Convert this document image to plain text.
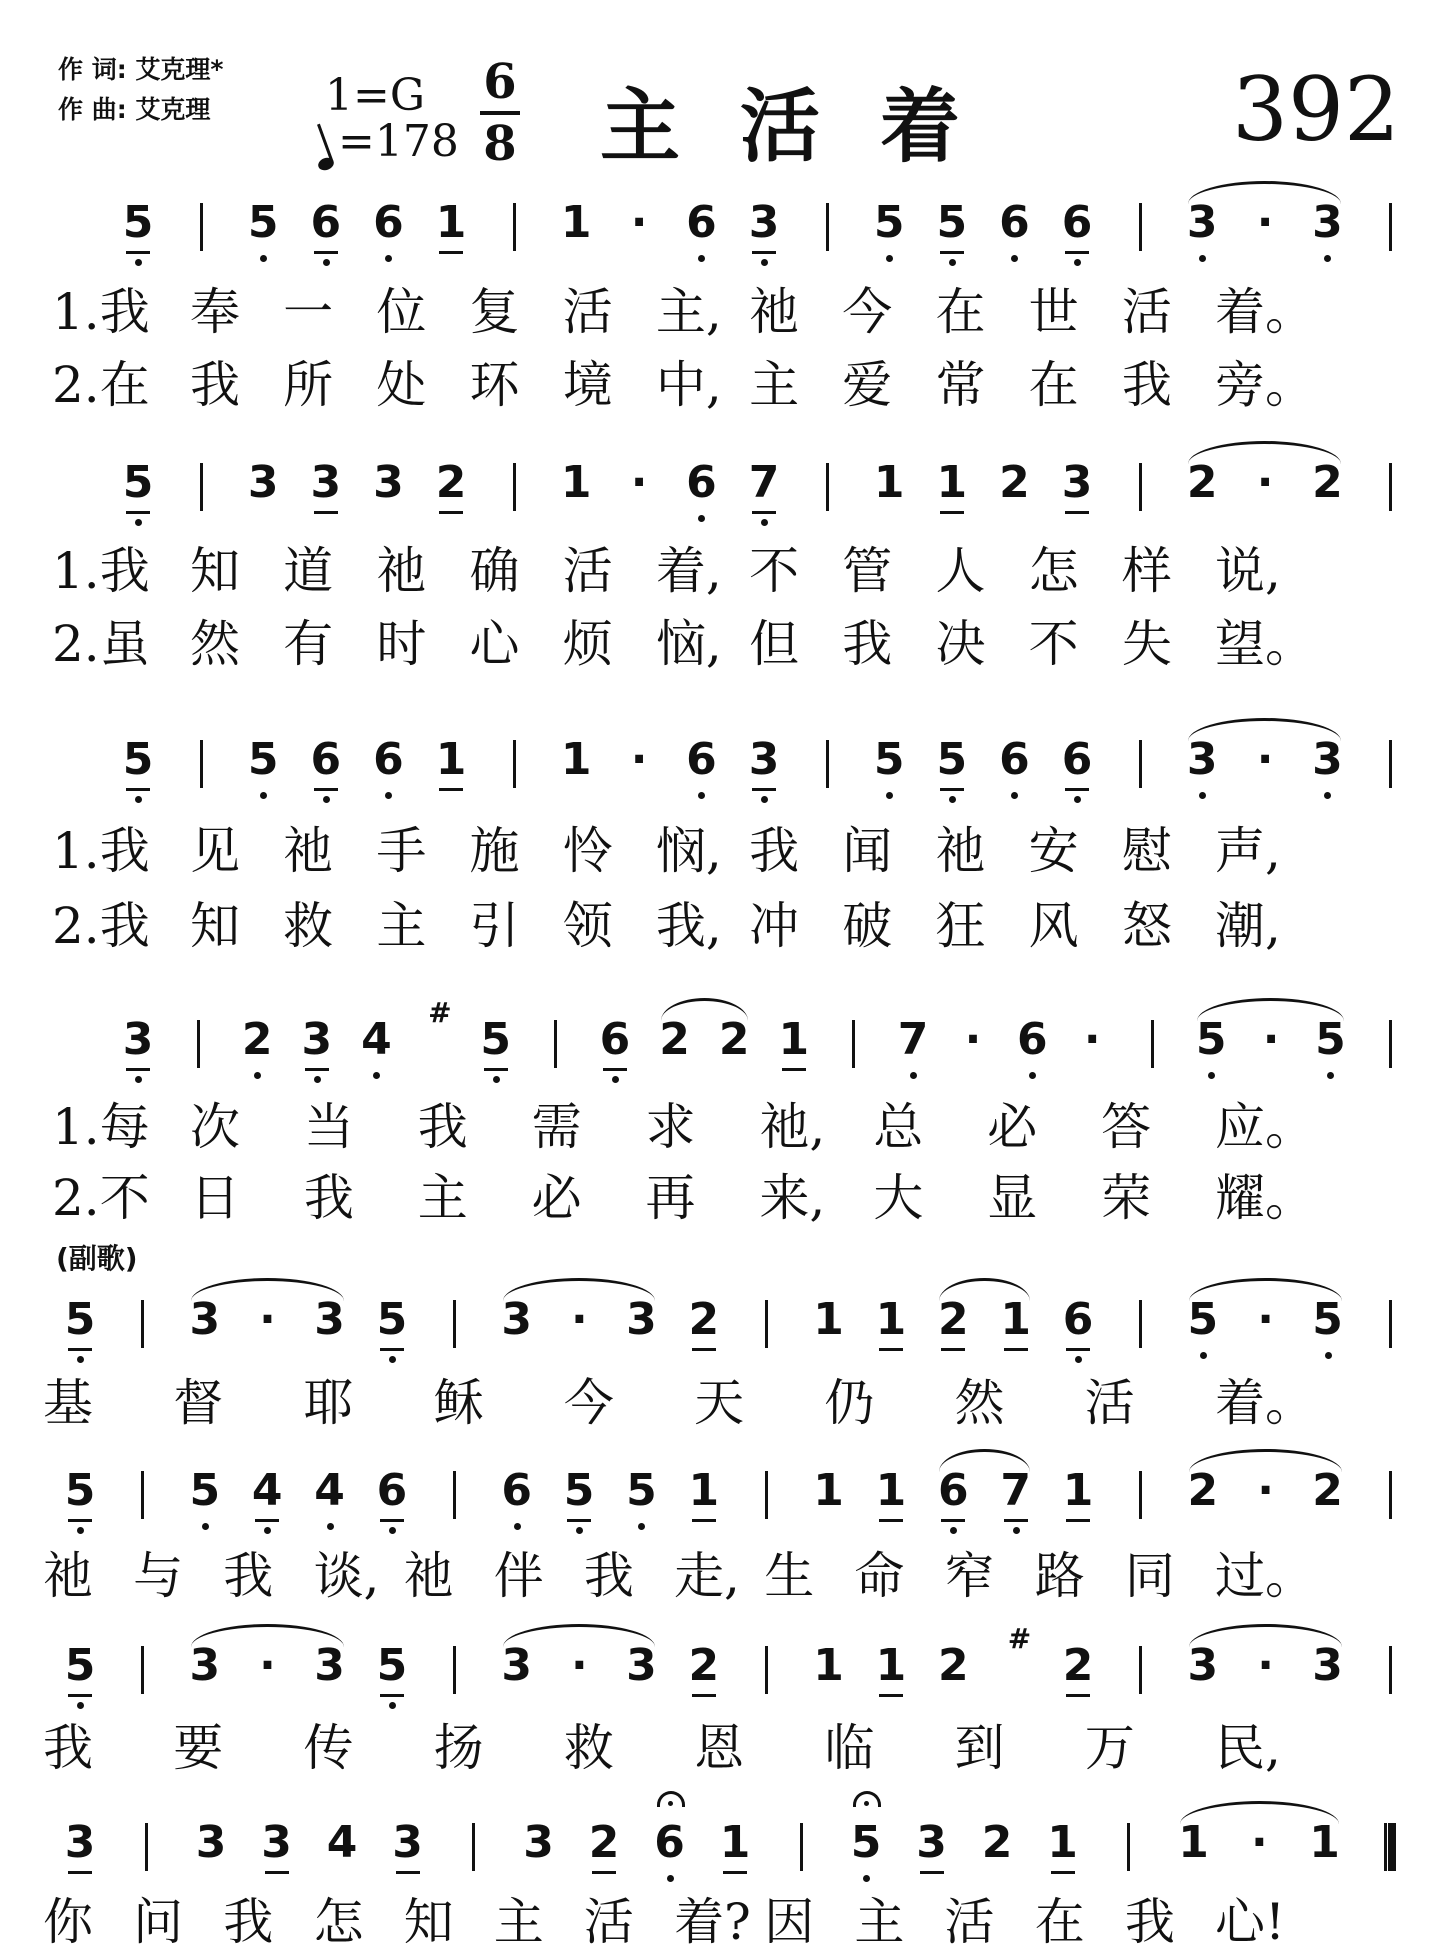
作 词: 艾克理*
作 曲: 艾克理	1=G
=178
6
8 主活着 392
(副歌)
5 5 6 6 1 1 · 6 3 5 5 6 6 3 · 3
1.我 奉 一 位 复 活 主, 祂 今 在 世 活 着。
2.在 我 所 处 环 境 中, 主 爱 常 在 我 旁。
5 3 3 3 2 1 · 6 7 1 1 2 3 2 · 2
1.我 知 道 祂 确 活 着, 不 管 人 怎 样 说,
2.虽 然 有 时 心 烦 恼, 但 我 决 不 失 望。
5 5 6 6 1 1 · 6 3 5 5 6 6 3 · 3
1.我 见 祂 手 施 怜 悯, 我 闻 祂 安 慰 声,
2.我 知 救 主 引 领 我, 冲 破 狂 风 怒 潮,
3 2 3 4
#
5 6 2 2 1 7 · 6 · 5 · 5
1.每 次 当 我 需 求 祂, 总 必 答 应。
2.不 日 我 主 必 再 来, 大 显 荣 耀。
5 3 · 3 5 3 · 3 2 1 1 2 1 6 5 · 5
基 督 耶 稣 今 天 仍 然 活 着。
5 5 4 4 6 6 5 5 1 1 1 6 7 1 2 · 2
祂 与 我 谈, 祂 伴 我 走, 生 命 窄 路 同 过。
5 3 · 3 5 3 · 3 2 1 1 2
#
2 3 · 3
我 要 传 扬 救 恩 临 到 万 民,
3 3 3 4 3 3 2 6 1 5 3 2 1 1 · 1
你 问 我 怎 知 主 活 着? 因 主 活 在 我 心!
